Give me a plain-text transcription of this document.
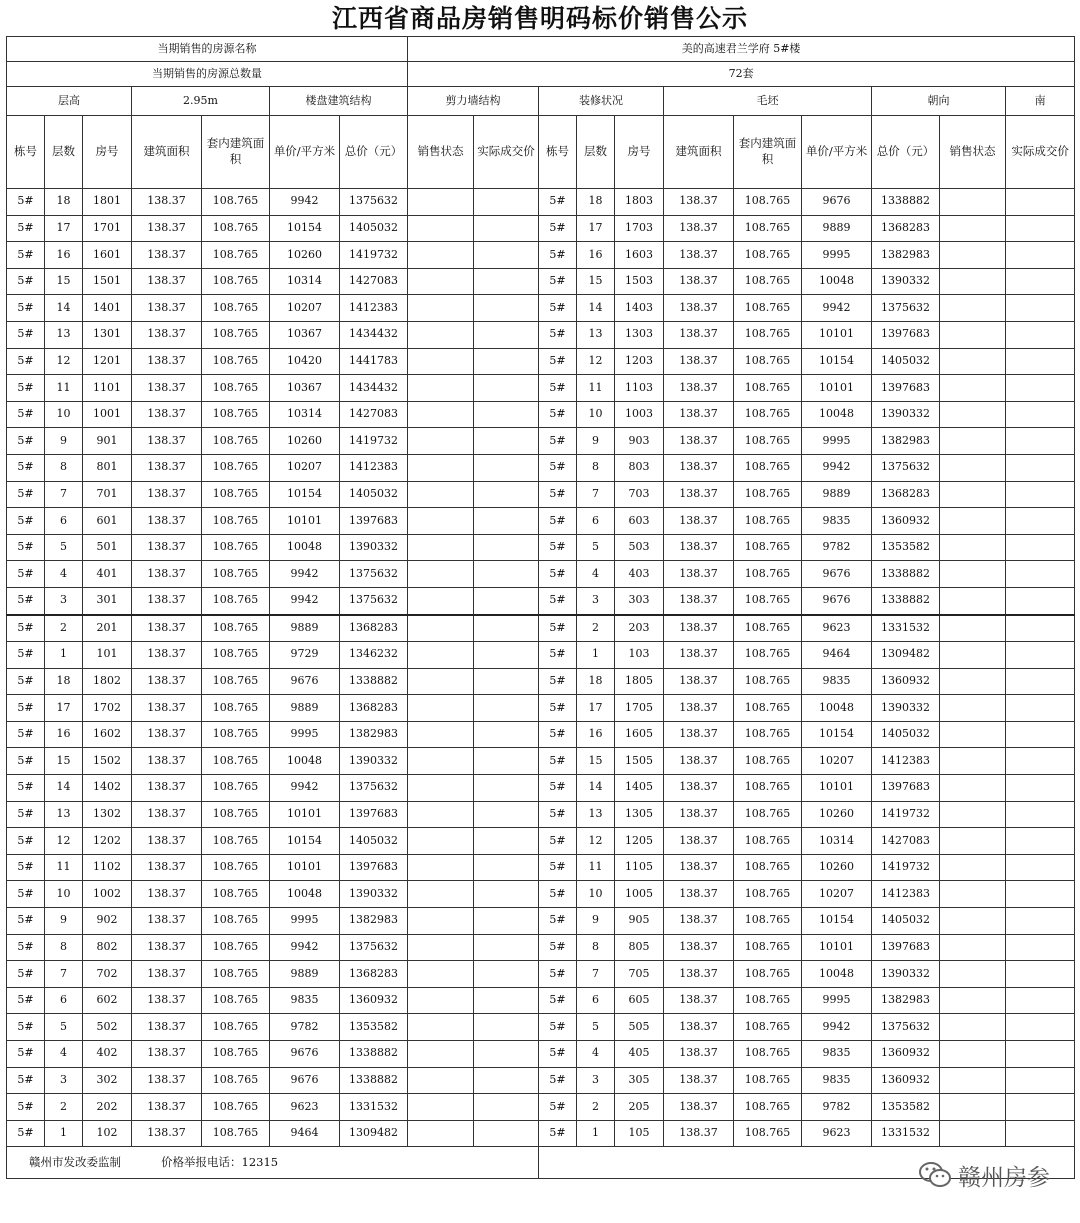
江西省商品房销售明码标价销售公示
当期销售的房源名称							美的高速君兰学府 5#楼										
当期销售的房源总数量							72套										
层高			2.95m		楼盘建筑结构		剪力墙结构		装修状况			毛坯			朝向		南
栋号	层数	房号	建筑面积	套内建筑面积	单价/平方米	总价（元）	销售状态	实际成交价	栋号	层数	房号	建筑面积	套内建筑面积	单价/平方米	总价（元）	销售状态	实际成交价
5#	18	1801	138.37	108.765	9942	1375632			5#	18	1803	138.37	108.765	9676	1338882		
5#	17	1701	138.37	108.765	10154	1405032			5#	17	1703	138.37	108.765	9889	1368283		
5#	16	1601	138.37	108.765	10260	1419732			5#	16	1603	138.37	108.765	9995	1382983		
5#	15	1501	138.37	108.765	10314	1427083			5#	15	1503	138.37	108.765	10048	1390332		
5#	14	1401	138.37	108.765	10207	1412383			5#	14	1403	138.37	108.765	9942	1375632		
5#	13	1301	138.37	108.765	10367	1434432			5#	13	1303	138.37	108.765	10101	1397683		
5#	12	1201	138.37	108.765	10420	1441783			5#	12	1203	138.37	108.765	10154	1405032		
5#	11	1101	138.37	108.765	10367	1434432			5#	11	1103	138.37	108.765	10101	1397683		
5#	10	1001	138.37	108.765	10314	1427083			5#	10	1003	138.37	108.765	10048	1390332		
5#	9	901	138.37	108.765	10260	1419732			5#	9	903	138.37	108.765	9995	1382983		
5#	8	801	138.37	108.765	10207	1412383			5#	8	803	138.37	108.765	9942	1375632		
5#	7	701	138.37	108.765	10154	1405032			5#	7	703	138.37	108.765	9889	1368283		
5#	6	601	138.37	108.765	10101	1397683			5#	6	603	138.37	108.765	9835	1360932		
5#	5	501	138.37	108.765	10048	1390332			5#	5	503	138.37	108.765	9782	1353582		
5#	4	401	138.37	108.765	9942	1375632			5#	4	403	138.37	108.765	9676	1338882		
5#	3	301	138.37	108.765	9942	1375632			5#	3	303	138.37	108.765	9676	1338882		
5#	2	201	138.37	108.765	9889	1368283			5#	2	203	138.37	108.765	9623	1331532		
5#	1	101	138.37	108.765	9729	1346232			5#	1	103	138.37	108.765	9464	1309482		
5#	18	1802	138.37	108.765	9676	1338882			5#	18	1805	138.37	108.765	9835	1360932		
5#	17	1702	138.37	108.765	9889	1368283			5#	17	1705	138.37	108.765	10048	1390332		
5#	16	1602	138.37	108.765	9995	1382983			5#	16	1605	138.37	108.765	10154	1405032		
5#	15	1502	138.37	108.765	10048	1390332			5#	15	1505	138.37	108.765	10207	1412383		
5#	14	1402	138.37	108.765	9942	1375632			5#	14	1405	138.37	108.765	10101	1397683		
5#	13	1302	138.37	108.765	10101	1397683			5#	13	1305	138.37	108.765	10260	1419732		
5#	12	1202	138.37	108.765	10154	1405032			5#	12	1205	138.37	108.765	10314	1427083		
5#	11	1102	138.37	108.765	10101	1397683			5#	11	1105	138.37	108.765	10260	1419732		
5#	10	1002	138.37	108.765	10048	1390332			5#	10	1005	138.37	108.765	10207	1412383		
5#	9	902	138.37	108.765	9995	1382983			5#	9	905	138.37	108.765	10154	1405032		
5#	8	802	138.37	108.765	9942	1375632			5#	8	805	138.37	108.765	10101	1397683		
5#	7	702	138.37	108.765	9889	1368283			5#	7	705	138.37	108.765	10048	1390332		
5#	6	602	138.37	108.765	9835	1360932			5#	6	605	138.37	108.765	9995	1382983		
5#	5	502	138.37	108.765	9782	1353582			5#	5	505	138.37	108.765	9942	1375632		
5#	4	402	138.37	108.765	9676	1338882			5#	4	405	138.37	108.765	9835	1360932		
5#	3	302	138.37	108.765	9676	1338882			5#	3	305	138.37	108.765	9835	1360932		
5#	2	202	138.37	108.765	9623	1331532			5#	2	205	138.37	108.765	9782	1353582		
5#	1	102	138.37	108.765	9464	1309482			5#	1	105	138.37	108.765	9623	1331532		
赣州市发改委监制 价格举报电话：12315																	
赣州房参
